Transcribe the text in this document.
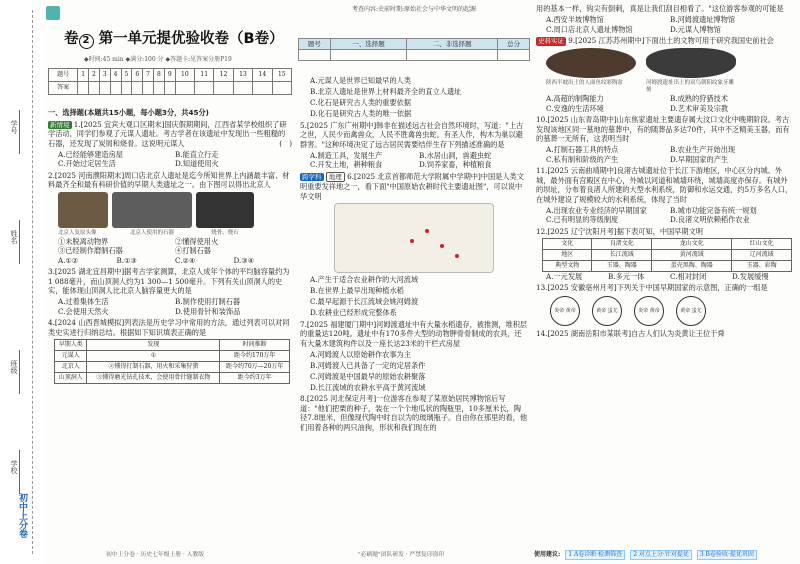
学号
姓名
班级
学校
初中上分卷
卷 2 第一单元提优验收卷（B卷）
◆时间:45 min ◆满分:100 分 ◆答题卡:见答案分册P19
题号	1	2	3	4	5	6	7	8	9	10	11	12	13	14	15
答案															

一、选择题(本题共15小题，每小题3分，共45分)

新情境 1.[2025 宜宾大观口区期末]国庆假期期间，江西省某学校组织了研学活动，同学们参观了元谋人遗址。考古学者在该遗址中发现出一些粗糙的石器，还发现了炭屑和烧骨。这说明元谋人	(　)

A.已经能够建造房屋	B.能直立行走
C.开始过定居生活	D.知道使用火

2.[2025 河南濮阳期末]周口店北京人遗址是迄今所知世界上内涵最丰富、材料最齐全和最有科研价值的早期人类遗址之一。由下图可以得出北京人

北京人复原头像	北京人使用的石器	烧骨、烧石
①未脱离动物界	②懂得使用火
③已经制作磨制石器	④打制石器
A.①②	B.①③	C.②④	D.③④

3.[2025 湖北宜昌期中]据考古学家测算，北京人成年个体的平均脑容量约为1 088毫升，而山顶洞人约为1 300—1 500毫升。下列有关山顶洞人的史实，能体现山顶洞人比北京人脑容量更大的是

A.过着集体生活	B.制作使用打制石器
C.会使用天然火	D.使用骨针和装饰品

4.[2024 山西晋城模拟]列表法是历史学习中常用的方法，通过列表可以对同类史实进行归纳总结。根据如下知识填表正确的是

早期人类	发现	时间推断
元谋人	①	距今约170万年
北京人	②懂得打制石器，用火和采集狩猎	距今约70万—20万年
山顶洞人	③懂得磨光钻孔技术，会使用骨针缝制衣物	距今约3万年
初中上分卷 · 历史七年级上册 · 人教版
考查内容:史前时期:原始社会与中华文明的起源
题号	一、选择题	二、非选择题	总分

A.元谋人是世界已知最早的人类

B.北京人遗址是世界上材料最齐全的直立人遗址

C.化石是研究古人类的重要依据

D.化石是研究古人类的唯一依据

5.[2025 广东广州期中]韩非在描述远古社会自然环境时，写道："上古之世，人民少而禽兽众，人民不胜禽兽虫蛇。有圣人作，构木为巢以避群害。"这种环境决定了远古居民需要结伴生存下列描述准确的是

A.制造工具，发展生产	B.水居山洞，兽避虫蛇
C.开发土地，耕种粮食	D.饲养家畜，种植粮食

跨学科 地理 6.[2025 北京首都师范大学附属中学期中]中国是人类文明重要发祥地之一，看下面"中国原始农耕时代主要遗址图"，可以说中华文明

A.产生于适合农业耕作的大河流域

B.在世界上最早出现种植水稻

C.最早起源于长江流域会姚河姆渡

D.农耕业已经形成完整体系

7.[2025 福建厦门期中]河姆渡遗址中有大量水稻遗存，被推测，堆积层的重量达120吨。遗址中有170多件大型的动物胛骨骨制成的农具，还有大量木建筑构件以及一座长达23米的干栏式房屋

A.河姆渡人以原始耕作农事为主

B.河姆渡人已具备了一定的定居条件

C.河姆渡是中国最早的原始农耕聚落

D.长江流域的农耕水平高于黄河流域

8.[2025 河北保定月考]一位游客在参观了某原始居民博物馆后写道："他们把栗的种子，装在一个个地瓜状的陶瓶里，10多厘米长，陶径7.8厘米，但像现代陶中时自以为的玻璃瓶子。自由你在那里的看，他们用着各种的两只油狗，形状和我们现在的

"必刷题"团队研发 · 严禁复印盗印

用的基本一样，钩尖有倒刺，真是让我们刮目相看了。"这位游客参观的可能是

A.西安半坡博物馆	B.河姆渡遗址博物馆
C.周口店北京人遗址博物馆	D.元谋人博物馆

史料实证 9.[2025 江苏苏州期中]下面出土的文物可用于研究我国史前社会

陕西半坡出土的人面鱼纹彩陶盆	河姆渡遗址出土的双鸟朝阳纹象牙雕刻
A.高超的制陶能力	B.成熟的狩猎技术
C.安逸的生活环境	D.艺术审美及宗教

10.[2025 山东青岛期中]山东焦家遗址主要遗存属大汶口文化中晚期阶段。考古发现该地区同一墓地的墓葬中，有的随葬品多达70件，其中不乏精美玉器，而有的墓葬一无所有，这表明当时

A.打制石器工具的特点	B.农业生产开始出现
C.私有制和阶级的产生	D.早期国家的产生

11.[2025 云南曲靖期中]良渚古城遗址位于长江下游地区，中心区分内城、外城，最外面有宫殿区在中心，外城以河道和城墙环绕，城墙高度亦保存。有城外的坝址，分布着良渚人所建的大型水利系统，防御和水运交通，约5万多名人口，在城外建设了规模较大的水利系统，体现了当时

A.出现农业专业经济的早期国家	B.城市功能完备有统一规划
C.已有明显的等级制度	D.良渚文明依赖稻作农业

12.[2025 辽宁沈阳月考]据下表可知，中国早期文明

文化	良渚文化	龙山文化	红山文化
地区	长江流域	黄河流域	辽河流域
典型文物	玉器、陶器	蛋壳黑陶、陶器	玉器、彩陶
A.一元发展	B.多元一体	C.相对封闭	D.发展缓慢

13.[2025 安徽亳州月考]下列关于中国早期国家的示意图，正确的一组是

炎帝 黄帝	黄帝 蚩尤	炎帝 黄帝	黄帝 蚩尤

14.[2025 湖南岳阳市某联考]自古人们认为炎黄让王位于舜

使用建议:	1 A卷诊断·检测筛查	2 对点上分·针对提优	3 B卷验收·提优巩固
